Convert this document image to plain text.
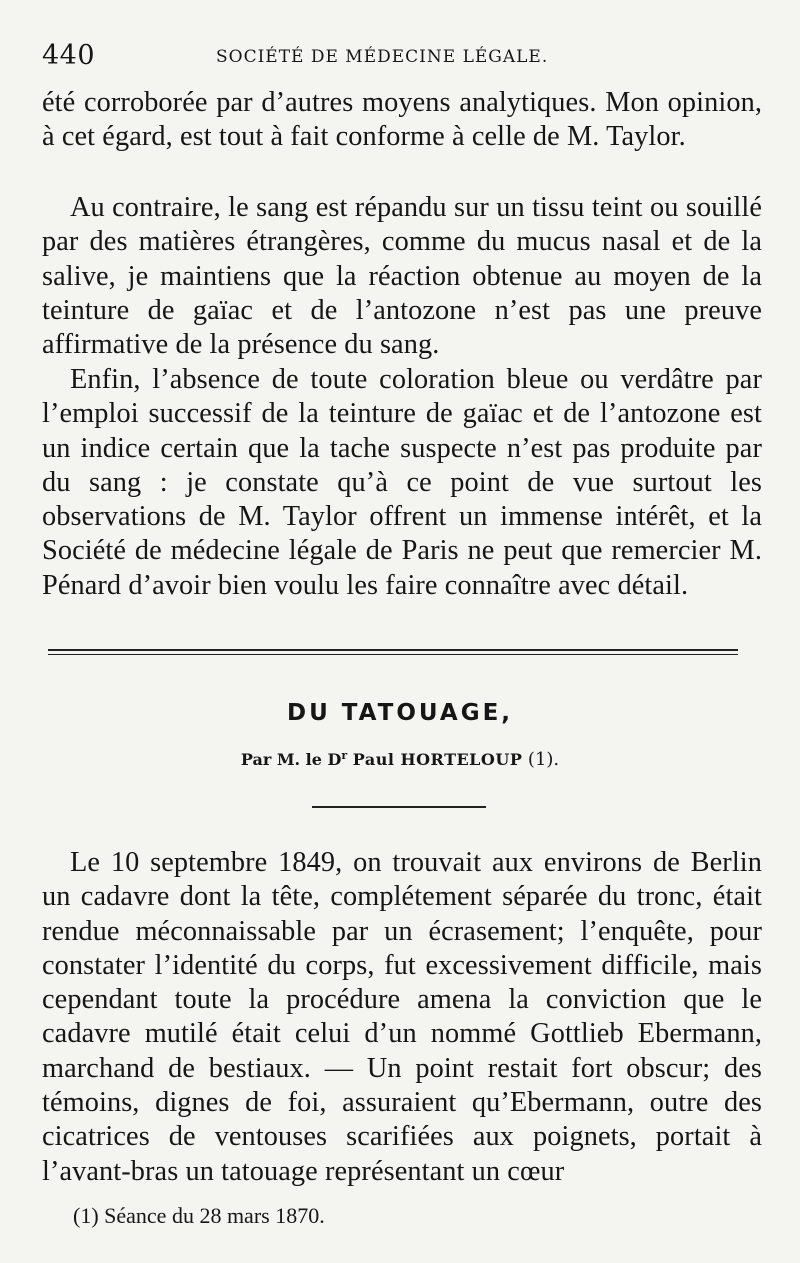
440	SOCIÉTÉ DE MÉDECINE LÉGALE.

été corroborée par d’autres moyens analytiques. Mon opinion, à cet égard, est tout à fait conforme à celle de M. Taylor.

Au contraire, le sang est répandu sur un tissu teint ou souillé par des matières étrangères, comme du mucus nasal et de la salive, je maintiens que la réaction obtenue au moyen de la teinture de gaïac et de l’antozone n’est pas une preuve affirmative de la présence du sang.

Enfin, l’absence de toute coloration bleue ou verdâtre par l’emploi successif de la teinture de gaïac et de l’antozone est un indice certain que la tache suspecte n’est pas produite par du sang : je constate qu’à ce point de vue surtout les observations de M. Taylor offrent un immense intérêt, et la Société de médecine légale de Paris ne peut que remercier M. Pénard d’avoir bien voulu les faire connaître avec détail.

DU TATOUAGE,
Par M. le $D^r$ Paul HORTELOUP (1).

Le 10 septembre 1849, on trouvait aux environs de Berlin un cadavre dont la tête, complétement séparée du tronc, était rendue méconnaissable par un écrasement; l’enquête, pour constater l’identité du corps, fut excessivement difficile, mais cependant toute la procédure amena la conviction que le cadavre mutilé était celui d’un nommé Gottlieb Ebermann, marchand de bestiaux. — Un point restait fort obscur; des témoins, dignes de foi, assuraient qu’Ebermann, outre des cicatrices de ventouses scarifiées aux poignets, portait à l’avant-bras un tatouage représentant un cœur

(1) Séance du 28 mars 1870.
